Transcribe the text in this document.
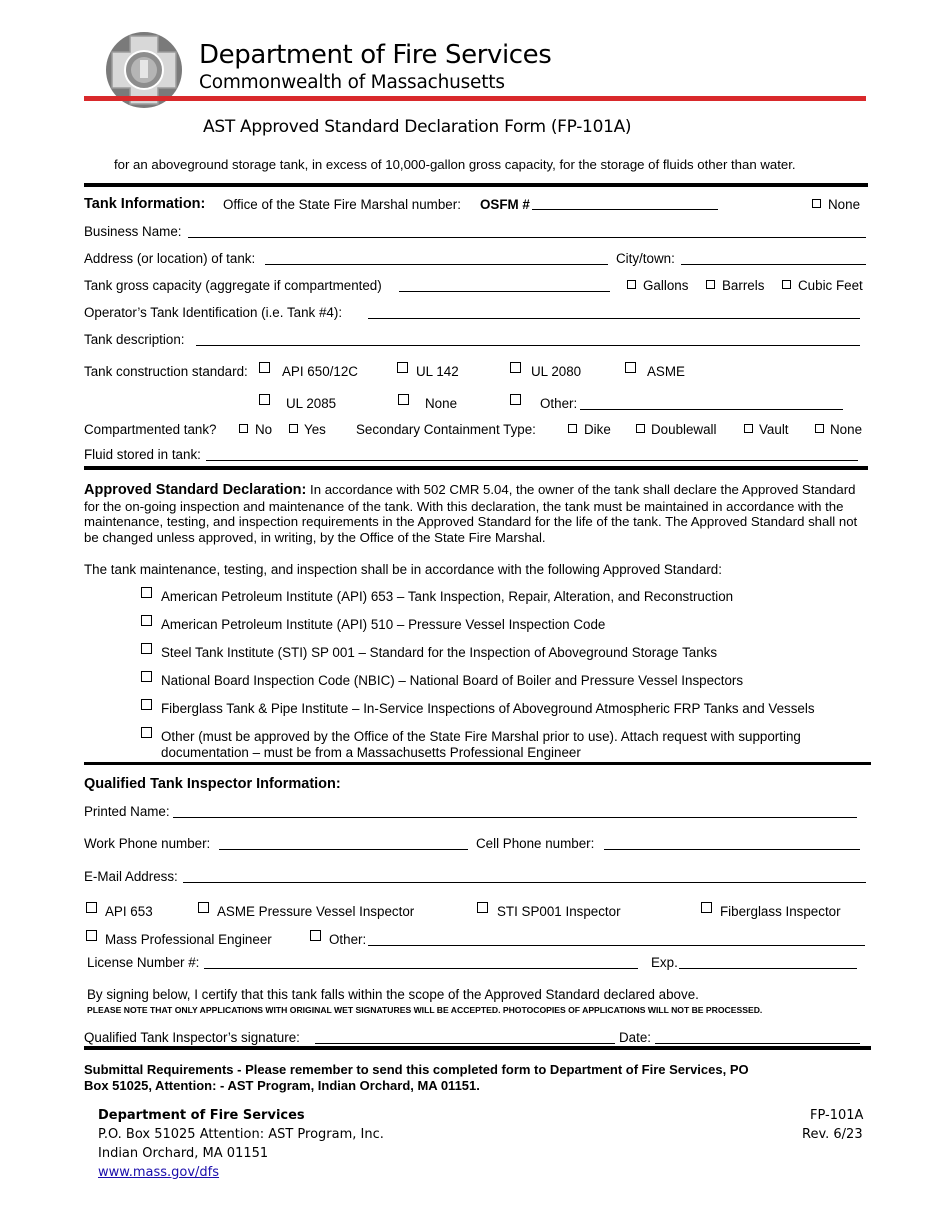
Department of Fire Services
Commonwealth of Massachusetts
AST Approved Standard Declaration Form (FP-101A)
for an aboveground storage tank, in excess of 10,000-gallon gross capacity, for the storage of fluids other than water.
Tank Information: Office of the State Fire Marshal number: OSFM #	None
Business Name:
Address (or location) of tank:	City/town:
Tank gross capacity (aggregate if compartmented)	Gallons	Barrels	Cubic Feet
Operator’s Tank Identification (i.e. Tank #4):
Tank description:
Tank construction standard:	API 650/12C	UL 142	UL 2080	ASME
UL 2085	None	Other:
Compartmented tank?	No Yes Secondary Containment Type:	Dike	Doublewall	Vault	None
Fluid stored in tank:
Approved Standard Declaration: In accordance with 502 CMR 5.04, the owner of the tank shall declare the Approved Standard for the on-going inspection and maintenance of the tank. With this declaration, the tank must be maintained in accordance with the maintenance, testing, and inspection requirements in the Approved Standard for the life of the tank. The Approved Standard shall not be changed unless approved, in writing, by the Office of the State Fire Marshal.
The tank maintenance, testing, and inspection shall be in accordance with the following Approved Standard:
American Petroleum Institute (API) 653 – Tank Inspection, Repair, Alteration, and Reconstruction
American Petroleum Institute (API) 510 – Pressure Vessel Inspection Code
Steel Tank Institute (STI) SP 001 – Standard for the Inspection of Aboveground Storage Tanks
National Board Inspection Code (NBIC) – National Board of Boiler and Pressure Vessel Inspectors
Fiberglass Tank & Pipe Institute – In-Service Inspections of Aboveground Atmospheric FRP Tanks and Vessels
Other (must be approved by the Office of the State Fire Marshal prior to use). Attach request with supporting
documentation – must be from a Massachusetts Professional Engineer
Qualified Tank Inspector Information:
Printed Name:
Work Phone number:	Cell Phone number:
E-Mail Address:
API 653	ASME Pressure Vessel Inspector	STI SP001 Inspector	Fiberglass Inspector
Mass Professional Engineer	Other:
License Number #:	Exp.
By signing below, I certify that this tank falls within the scope of the Approved Standard declared above.
PLEASE NOTE THAT ONLY APPLICATIONS WITH ORIGINAL WET SIGNATURES WILL BE ACCEPTED. PHOTOCOPIES OF APPLICATIONS WILL NOT BE PROCESSED.
Qualified Tank Inspector’s signature:	Date:
Submittal Requirements - Please remember to send this completed form to Department of Fire Services, PO
Box 51025, Attention: - AST Program, Indian Orchard, MA 01151.
Department of Fire Services
P.O. Box 51025 Attention: AST Program, Inc.
Indian Orchard, MA 01151
www.mass.gov/dfs
FP-101A
Rev. 6/23
